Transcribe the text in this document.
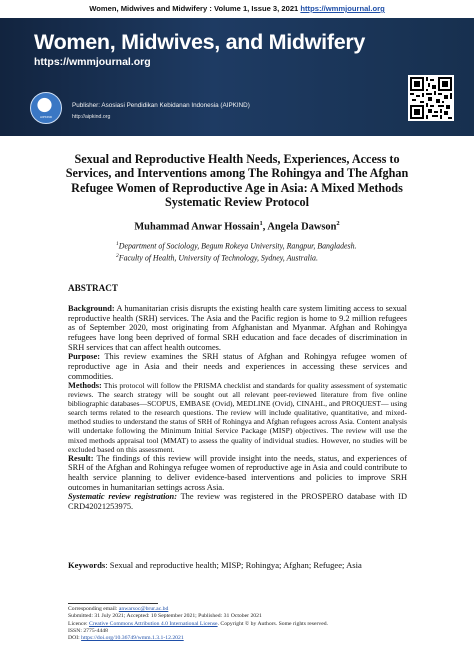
Women, Midwives and Midwifery : Volume 1, Issue 3, 2021 https://wmmjournal.org
Women, Midwives, and Midwifery
https://wmmjournal.org
AIPKIND
Publisher: Asosiasi Pendidikan Kebidanan Indonesia (AIPKIND)
http://aipkind.org
Sexual and Reproductive Health Needs, Experiences, Access to
Services, and Interventions among The Rohingya and The Afghan
Refugee Women of Reproductive Age in Asia: A Mixed Methods
Systematic Review Protocol
Muhammad Anwar Hossain$^1$, Angela Dawson$^2$
$^1$Department of Sociology, Begum Rokeya University, Rangpur, Bangladesh.
$^2$Faculty of Health, University of Technology, Sydney, Australia.
ABSTRACT

Background: A humanitarian crisis disrupts the existing health care system limiting access to sexual reproductive health (SRH) services. The Asia and the Pacific region is home to 9.2 million refugees as of September 2020, most originating from Afghanistan and Myanmar. Afghan and Rohingya refugees have long been deprived of formal SRH education and face decades of discrimination in SRH services that can affect health outcomes.

Purpose: This review examines the SRH status of Afghan and Rohingya refugee women of reproductive age in Asia and their needs and experiences in accessing these services and commodities.

Methods: This protocol will follow the PRISMA checklist and standards for quality assessment of systematic reviews. The search strategy will be sought out all relevant peer-reviewed literature from five online bibliographic databases—SCOPUS, EMBASE (Ovid), MEDLINE (Ovid), CINAHL, and PROQUEST— using search terms related to the research questions. The review will include qualitative, quantitative, and mixed-method studies to understand the status of SRH of Rohingya and Afghan refugees across Asia. Content analysis will undertake following the Minimum Initial Service Package (MISP) objectives. The review will use the mixed methods appraisal tool (MMAT) to assess the quality of individual studies. However, no studies will be excluded based on this assessment.

Result: The findings of this review will provide insight into the needs, status, and experiences of SRH of the Afghan and Rohingya refugee women of reproductive age in Asia and could contribute to health service planning to deliver evidence-based interventions and policies to improve SRH outcomes in humanitarian settings across Asia.

Systematic review registration: The review was registered in the PROSPERO database with ID CRD42021253975.

Keywords: Sexual and reproductive health; MISP; Rohingya; Afghan; Refugee; Asia
Corresponding email: anwarsoc@brur.ac.bd
Submitted: 31 July 2021; Accepted: 10 September 2021; Published: 31 October 2021
Licence: Creative Commons Attribution 4.0 International License. Copyright © by Authors. Some rights reserved.
ISSN: 2775-4448
DOI: https://doi.org/10.36749/wmm.1.3.1-12.2021
